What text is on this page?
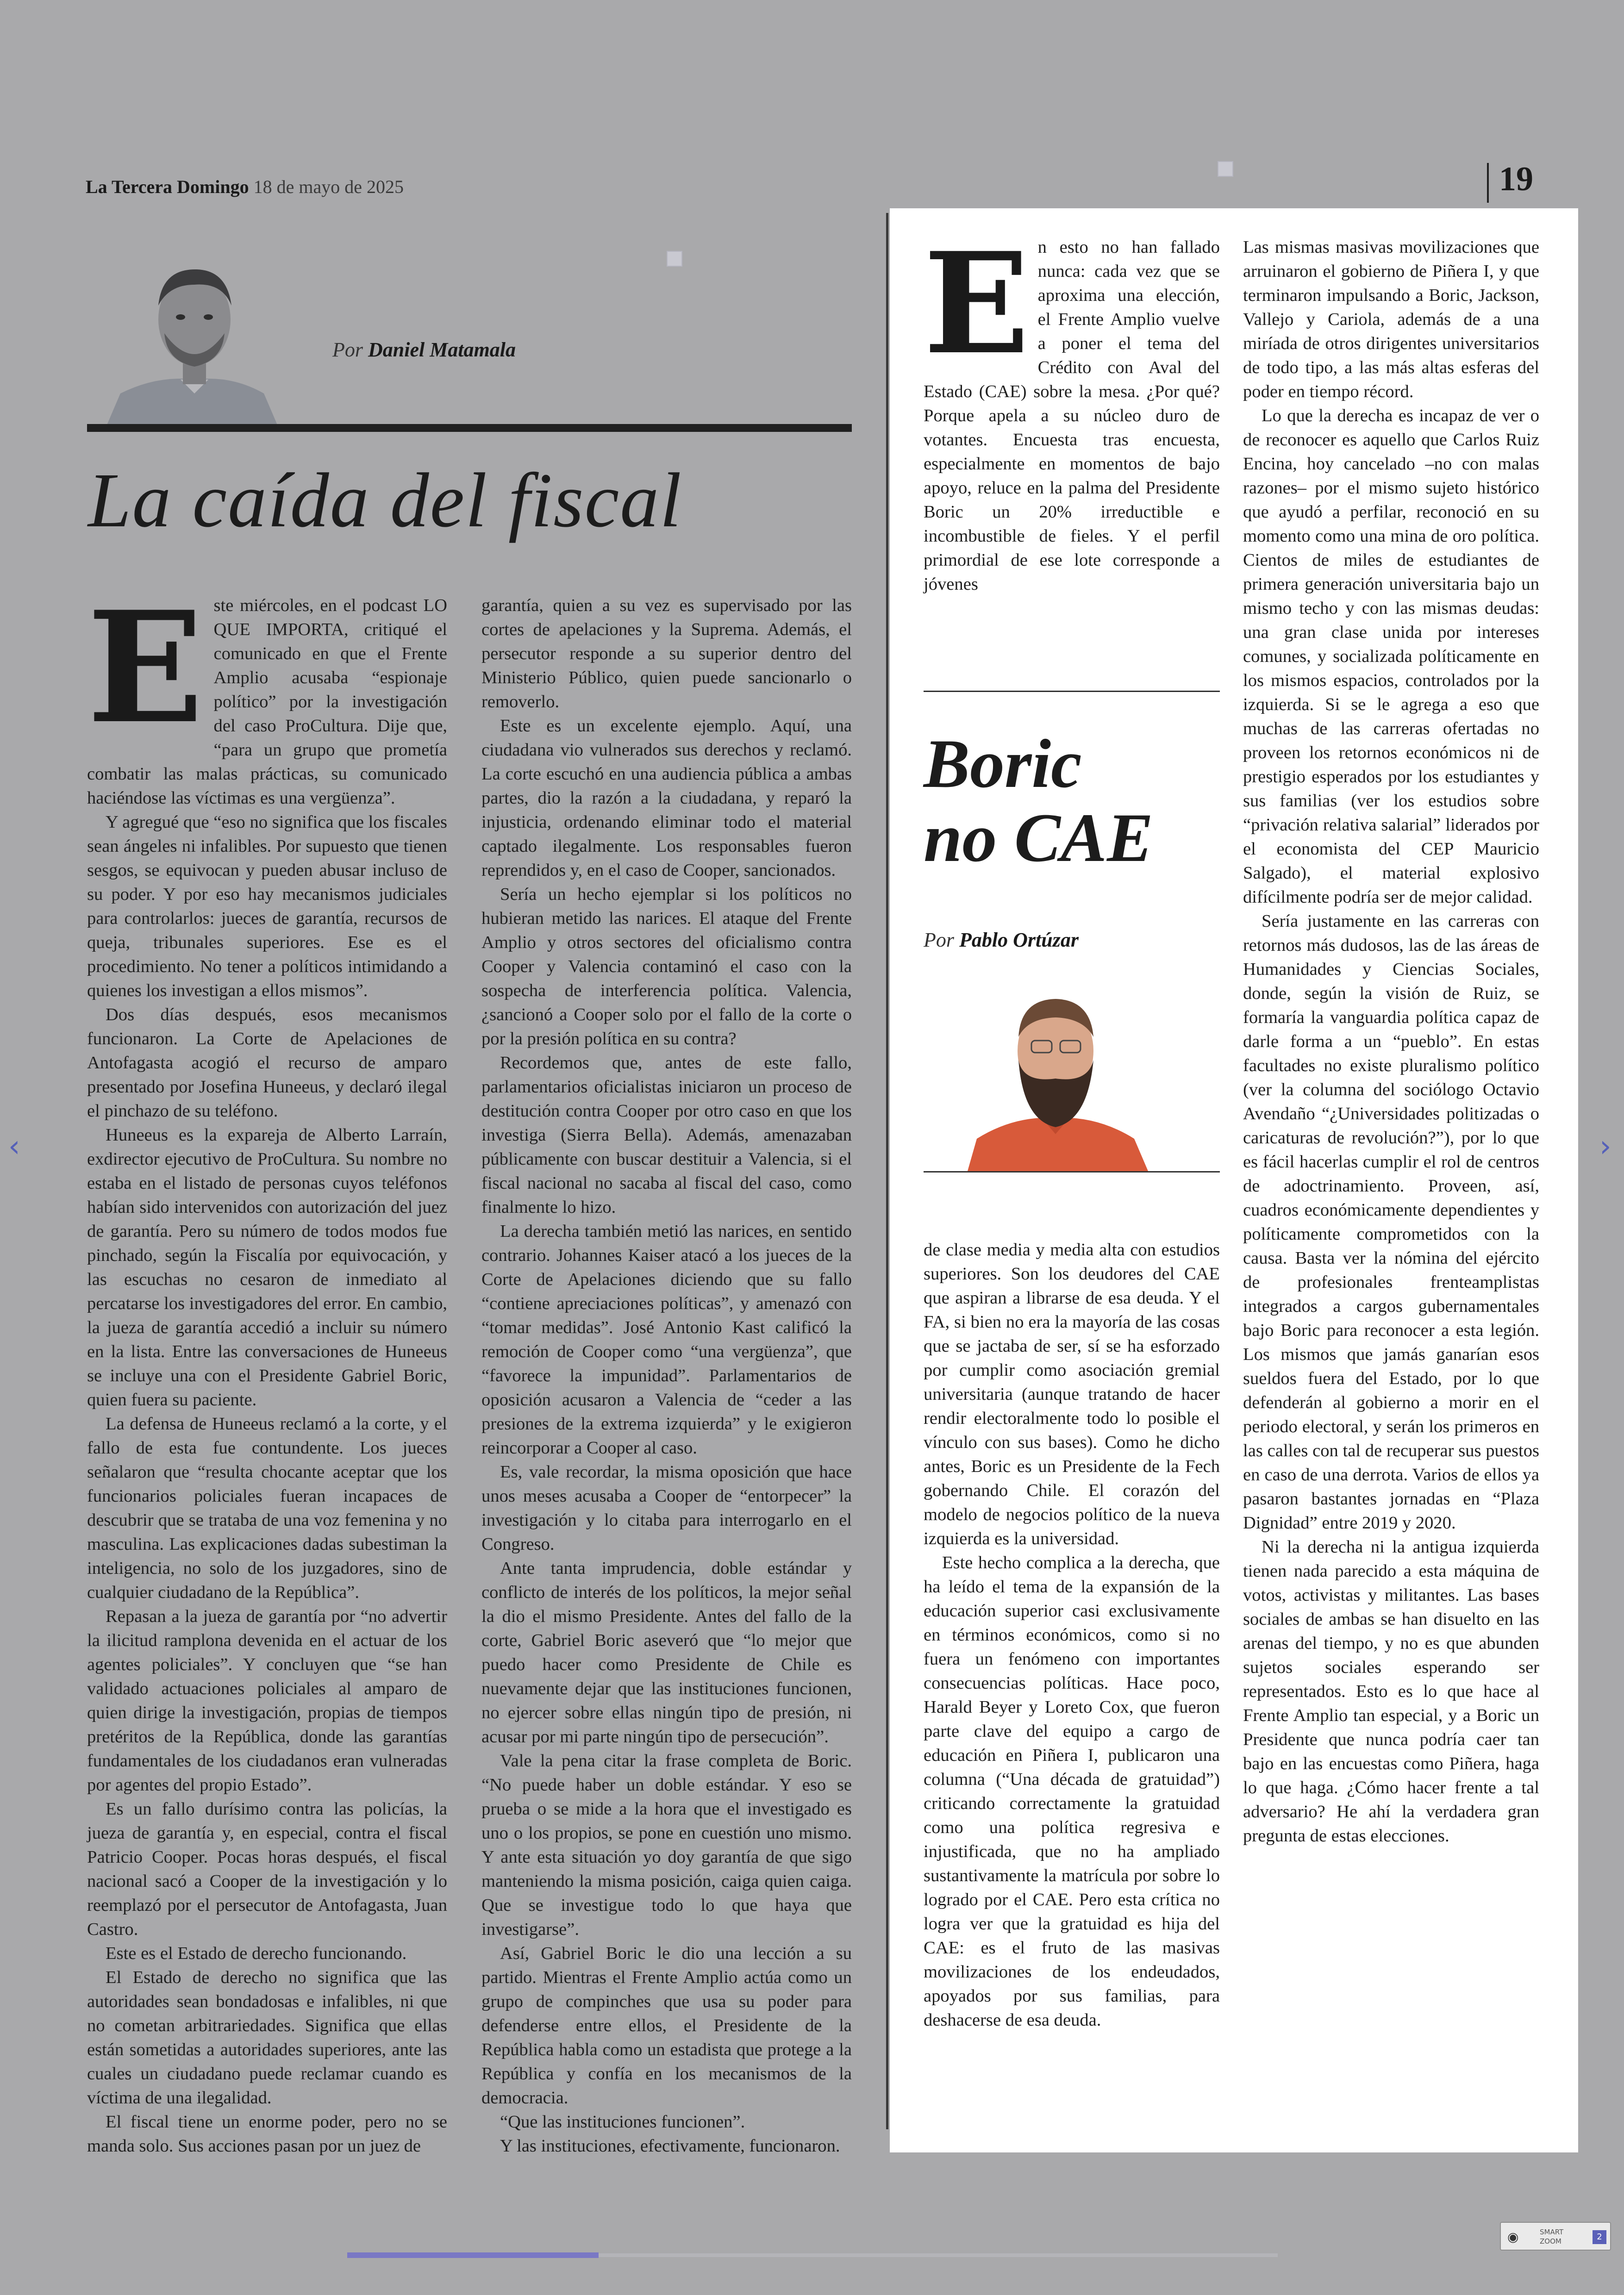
La Tercera Domingo 18 de mayo de 2025	19
Por Daniel Matamala
La caída del fiscal

Este miércoles, en el podcast LO QUE IMPORTA, critiqué el comunicado en que el Frente Amplio acusaba “espionaje político” por la investigación del caso ProCultura. Dije que, “para un grupo que prometía combatir las malas prácticas, su comunicado haciéndose las víctimas es una vergüenza”.

Y agregué que “eso no significa que los fiscales sean ángeles ni infalibles. Por supuesto que tienen sesgos, se equivocan y pueden abusar incluso de su poder. Y por eso hay mecanismos judiciales para controlarlos: jueces de garantía, recursos de queja, tribunales superiores. Ese es el procedimiento. No tener a políticos intimidando a quienes los investigan a ellos mismos”.

Dos días después, esos mecanismos funcionaron. La Corte de Apelaciones de Antofagasta acogió el recurso de amparo presentado por Josefina Huneeus, y declaró ilegal el pinchazo de su teléfono.

Huneeus es la expareja de Alberto Larraín, exdirector ejecutivo de ProCultura. Su nombre no estaba en el listado de personas cuyos teléfonos habían sido intervenidos con autorización del juez de garantía. Pero su número de todos modos fue pinchado, según la Fiscalía por equivocación, y las escuchas no cesaron de inmediato al percatarse los investigadores del error. En cambio, la jueza de garantía accedió a incluir su número en la lista. Entre las conversaciones de Huneeus se incluye una con el Presidente Gabriel Boric, quien fuera su paciente.

La defensa de Huneeus reclamó a la corte, y el fallo de esta fue contundente. Los jueces señalaron que “resulta chocante aceptar que los funcionarios policiales fueran incapaces de descubrir que se trataba de una voz femenina y no masculina. Las explicaciones dadas subestiman la inteligencia, no solo de los juzgadores, sino de cualquier ciudadano de la República”.

Repasan a la jueza de garantía por “no advertir la ilicitud ramplona devenida en el actuar de los agentes policiales”. Y concluyen que “se han validado actuaciones policiales al amparo de quien dirige la investigación, propias de tiempos pretéritos de la República, donde las garantías fundamentales de los ciudadanos eran vulneradas por agentes del propio Estado”.

Es un fallo durísimo contra las policías, la jueza de garantía y, en especial, contra el fiscal Patricio Cooper. Pocas horas después, el fiscal nacional sacó a Cooper de la investigación y lo reemplazó por el persecutor de Antofagasta, Juan Castro.

Este es el Estado de derecho funcionando.

El Estado de derecho no significa que las autoridades sean bondadosas e infalibles, ni que no cometan arbitrariedades. Significa que ellas están sometidas a autoridades superiores, ante las cuales un ciudadano puede reclamar cuando es víctima de una ilegalidad.

El fiscal tiene un enorme poder, pero no se manda solo. Sus acciones pasan por un juez de

garantía, quien a su vez es supervisado por las cortes de apelaciones y la Suprema. Además, el persecutor responde a su superior dentro del Ministerio Público, quien puede sancionarlo o removerlo.

Este es un excelente ejemplo. Aquí, una ciudadana vio vulnerados sus derechos y reclamó. La corte escuchó en una audiencia pública a ambas partes, dio la razón a la ciudadana, y reparó la injusticia, ordenando eliminar todo el material captado ilegalmente. Los responsables fueron reprendidos y, en el caso de Cooper, sancionados.

Sería un hecho ejemplar si los políticos no hubieran metido las narices. El ataque del Frente Amplio y otros sectores del oficialismo contra Cooper y Valencia contaminó el caso con la sospecha de interferencia política. Valencia, ¿sancionó a Cooper solo por el fallo de la corte o por la presión política en su contra?

Recordemos que, antes de este fallo, parlamentarios oficialistas iniciaron un proceso de destitución contra Cooper por otro caso en que los investiga (Sierra Bella). Además, amenazaban públicamente con buscar destituir a Valencia, si el fiscal nacional no sacaba al fiscal del caso, como finalmente lo hizo.

La derecha también metió las narices, en sentido contrario. Johannes Kaiser atacó a los jueces de la Corte de Apelaciones diciendo que su fallo “contiene apreciaciones políticas”, y amenazó con “tomar medidas”. José Antonio Kast calificó la remoción de Cooper como “una vergüenza”, que “favorece la impunidad”. Parlamentarios de oposición acusaron a Valencia de “ceder a las presiones de la extrema izquierda” y le exigieron reincorporar a Cooper al caso.

Es, vale recordar, la misma oposición que hace unos meses acusaba a Cooper de “entorpecer” la investigación y lo citaba para interrogarlo en el Congreso.

Ante tanta imprudencia, doble estándar y conflicto de interés de los políticos, la mejor señal la dio el mismo Presidente. Antes del fallo de la corte, Gabriel Boric aseveró que “lo mejor que puedo hacer como Presidente de Chile es nuevamente dejar que las instituciones funcionen, no ejercer sobre ellas ningún tipo de presión, ni acusar por mi parte ningún tipo de persecución”.

Vale la pena citar la frase completa de Boric. “No puede haber un doble estándar. Y eso se prueba o se mide a la hora que el investigado es uno o los propios, se pone en cuestión uno mismo. Y ante esta situación yo doy garantía de que sigo manteniendo la misma posición, caiga quien caiga. Que se investigue todo lo que haya que investigarse”.

Así, Gabriel Boric le dio una lección a su partido. Mientras el Frente Amplio actúa como un grupo de compinches que usa su poder para defenderse entre ellos, el Presidente de la República habla como un estadista que protege a la República y confía en los mecanismos de la democracia.

“Que las instituciones funcionen”.

Y las instituciones, efectivamente, funcionaron.

En esto no han fallado nunca: cada vez que se aproxima una elección, el Frente Amplio vuelve a poner el tema del Crédito con Aval del Estado (CAE) sobre la mesa. ¿Por qué? Porque apela a su núcleo duro de votantes. Encuesta tras encuesta, especialmente en momentos de bajo apoyo, reluce en la palma del Presidente Boric un 20% irreductible e incombustible de fieles. Y el perfil primordial de ese lote corresponde a jóvenes

Boric
no CAE
Por Pablo Ortúzar

de clase media y media alta con estudios superiores. Son los deudores del CAE que aspiran a librarse de esa deuda. Y el FA, si bien no era la mayoría de las cosas que se jactaba de ser, sí se ha esforzado por cumplir como asociación gremial universitaria (aunque tratando de hacer rendir electoralmente todo lo posible el vínculo con sus bases). Como he dicho antes, Boric es un Presidente de la Fech gobernando Chile. El corazón del modelo de negocios político de la nueva izquierda es la universidad.

Este hecho complica a la derecha, que ha leído el tema de la expansión de la educación superior casi exclusivamente en términos económicos, como si no fuera un fenómeno con importantes consecuencias políticas. Hace poco, Harald Beyer y Loreto Cox, que fueron parte clave del equipo a cargo de educación en Piñera I, publicaron una columna (“Una década de gratuidad”) criticando correctamente la gratuidad como una política regresiva e injustificada, que no ha ampliado sustantivamente la matrícula por sobre lo logrado por el CAE. Pero esta crítica no logra ver que la gratuidad es hija del CAE: es el fruto de las masivas movilizaciones de los endeudados, apoyados por sus familias, para deshacerse de esa deuda.

Las mismas masivas movilizaciones que arruinaron el gobierno de Piñera I, y que terminaron impulsando a Boric, Jackson, Vallejo y Cariola, además de a una miríada de otros dirigentes universitarios de todo tipo, a las más altas esferas del poder en tiempo récord.

Lo que la derecha es incapaz de ver o de reconocer es aquello que Carlos Ruiz Encina, hoy cancelado –no con malas razones– por el mismo sujeto histórico que ayudó a perfilar, reconoció en su momento como una mina de oro política. Cientos de miles de estudiantes de primera generación universitaria bajo un mismo techo y con las mismas deudas: una gran clase unida por intereses comunes, y socializada políticamente en los mismos espacios, controlados por la izquierda. Si se le agrega a eso que muchas de las carreras ofertadas no proveen los retornos económicos ni de prestigio esperados por los estudiantes y sus familias (ver los estudios sobre “privación relativa salarial” liderados por el economista del CEP Mauricio Salgado), el material explosivo difícilmente podría ser de mejor calidad.

Sería justamente en las carreras con retornos más dudosos, las de las áreas de Humanidades y Ciencias Sociales, donde, según la visión de Ruiz, se formaría la vanguardia política capaz de darle forma a un “pueblo”. En estas facultades no existe pluralismo político (ver la columna del sociólogo Octavio Avendaño “¿Universidades politizadas o caricaturas de revolución?”), por lo que es fácil hacerlas cumplir el rol de centros de adoctrinamiento. Proveen, así, cuadros económicamente dependientes y políticamente comprometidos con la causa. Basta ver la nómina del ejército de profesionales frenteamplistas integrados a cargos gubernamentales bajo Boric para reconocer a esta legión. Los mismos que jamás ganarían esos sueldos fuera del Estado, por lo que defenderán al gobierno a morir en el periodo electoral, y serán los primeros en las calles con tal de recuperar sus puestos en caso de una derrota. Varios de ellos ya pasaron bastantes jornadas en “Plaza Dignidad” entre 2019 y 2020.

Ni la derecha ni la antigua izquierda tienen nada parecido a esta máquina de votos, activistas y militantes. Las bases sociales de ambas se han disuelto en las arenas del tiempo, y no es que abunden sujetos sociales esperando ser representados. Esto es lo que hace al Frente Amplio tan especial, y a Boric un Presidente que nunca podría caer tan bajo en las encuestas como Piñera, haga lo que haga. ¿Cómo hacer frente a tal adversario? He ahí la verdadera gran pregunta de estas elecciones.

‹	›
◉	SMART
ZOOM	2
